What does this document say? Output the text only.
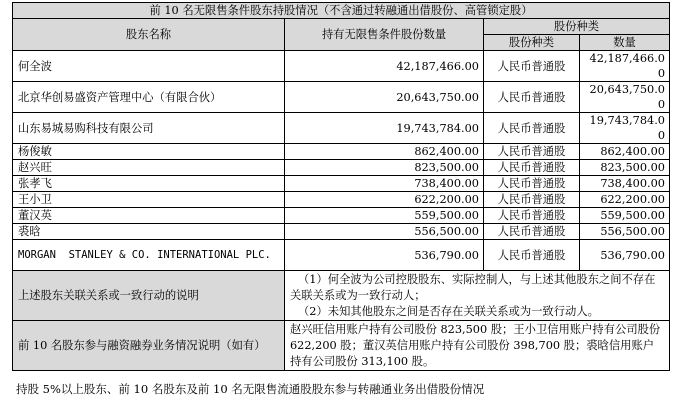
前 10 名无限售条件股东持股情况（不含通过转融通出借股份、高管锁定股）			
股东名称	持有无限售条件股份数量	股份种类	
		股份种类	数量
何全波	42,187,466.00	人民币普通股	42,187,466.00
北京华创易盛资产管理中心（有限合伙）	20,643,750.00	人民币普通股	20,643,750.00
山东易城易购科技有限公司	19,743,784.00	人民币普通股	19,743,784.00
杨俊敏	862,400.00	人民币普通股	862,400.00
赵兴旺	823,500.00	人民币普通股	823,500.00
张孝飞	738,400.00	人民币普通股	738,400.00
王小卫	622,200.00	人民币普通股	622,200.00
董汉英	559,500.00	人民币普通股	559,500.00
裘晗	556,500.00	人民币普通股	556,500.00
MORGAN  STANLEY & CO. INTERNATIONAL PLC.	536,790.00	人民币普通股	536,790.00
上述股东关联关系或一致行动的说明	（1）何全波为公司控股股东、实际控制人，与上述其他股东之间不存在关联关系或为一致行动人；
（2）未知其他股东之间是否存在关联关系或为一致行动人。		

前 10 名股东参与融资融券业务情况说明（如有）	赵兴旺信用账户持有公司股份 823,500 股；王小卫信用账户持有公司股份 622,200 股；董汉英信用账户持有公司股份 398,700 股；裘晗信用账户持有公司股份 313,100 股。		
持股 5%以上股东、前 10 名股东及前 10 名无限售流通股股东参与转融通业务出借股份情况
